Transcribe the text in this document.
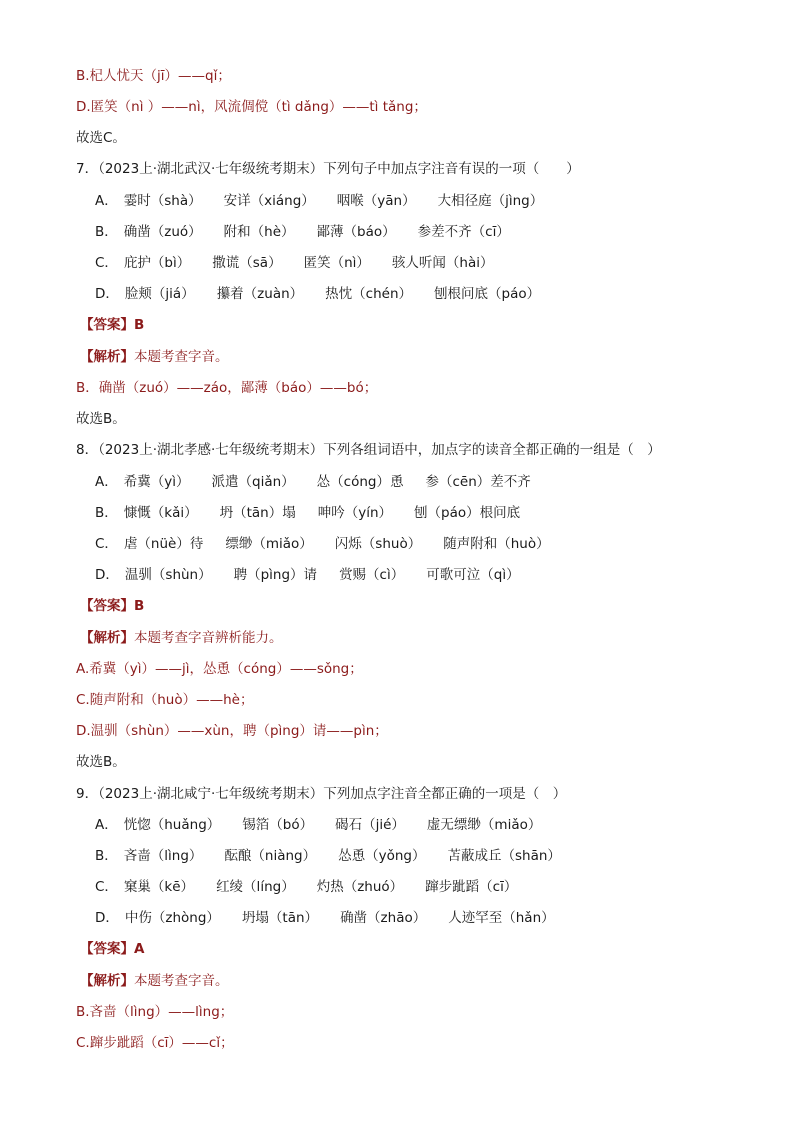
B.杞人忧天（jī）——qǐ；
D.匿笑（nì ）——nì，风流倜傥（tì dǎng）——tì tǎng；
故选C。
7．（2023上·湖北武汉·七年级统考期末）下列句子中加点字注音有误的一项（　　）
A． 霎时（shà） 安详（xiáng） 咽喉（yān） 大相径庭（jìng）
B． 确凿（zuó） 附和（hè） 鄙薄（báo） 参差不齐（cī）
C． 庇护（bì） 撒谎（sā） 匿笑（nì） 骇人听闻（hài）
D． 脸颊（jiá） 攥着（zuàn） 热忱（chén） 刨根问底（páo）
【答案】B
【解析】本题考查字音。
B．确凿（zuó）——záo，鄙薄（báo）——bó；
故选B。
8．（2023上·湖北孝感·七年级统考期末）下列各组词语中，加点字的读音全都正确的一组是（　）
A． 希冀（yì） 派遣（qiǎn） 怂（cóng）恿 参（cēn）差不齐
B． 慷慨（kǎi） 坍（tān）塌 呻吟（yín） 刨（páo）根问底
C． 虐（nüè）待 缥缈（miǎo） 闪烁（shuò） 随声附和（huò）
D． 温驯（shùn） 聘（pìng）请 赏赐（cì） 可歌可泣（qì）
【答案】B
【解析】本题考查字音辨析能力。
A.希冀（yì）——jì，怂恿（cóng）——sǒng；
C.随声附和（huò）——hè；
D.温驯（shùn）——xùn，聘（pìng）请——pìn；
故选B。
9．（2023上·湖北咸宁·七年级统考期末）下列加点字注音全都正确的一项是（　）
A． 恍惚（huǎng） 锡箔（bó） 碣石（jié） 虚无缥缈（miǎo）
B． 吝啬（lìng） 酝酿（niàng） 怂恿（yǒng） 苫蔽成丘（shān）
C． 窠巢（kē） 红绫（líng） 灼热（zhuó） 蹿步跐蹈（cī）
D． 中伤（zhòng） 坍塌（tān） 确凿（zhāo） 人迹罕至（hǎn）
【答案】A
【解析】本题考查字音。
B.吝啬（lìng）——lìng；
C.蹿步跐蹈（cī）——cǐ；
